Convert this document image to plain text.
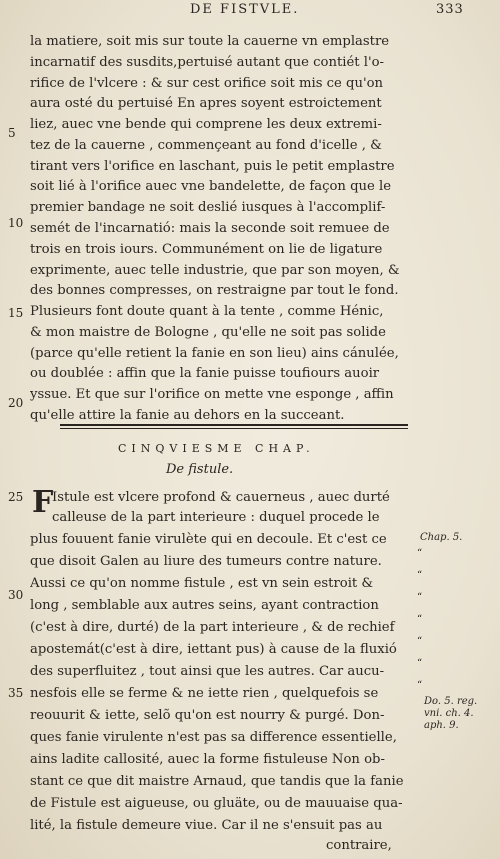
DE FISTVLE.	333
la matiere, soit mis sur toute la cauerne vn emplastre
incarnatif des susdits,pertuisé autant que contiét l'o-
rifice de l'vlcere : & sur cest orifice soit mis ce qu'on
aura osté du pertuisé En apres soyent estroictement
liez, auec vne bende qui comprene les deux extremi-
tez de la cauerne , commençeant au fond d'icelle , &
tirant vers l'orifice en laschant, puis le petit emplastre
soit lié à l'orifice auec vne bandelette, de façon que le
premier bandage ne soit deslié iusques à l'accomplif-
semét de l'incarnatió: mais la seconde soit remuee de
trois en trois iours. Communément on lie de ligature
exprimente, auec telle industrie, que par son moyen, &
des bonnes compresses, on restraigne par tout le fond.
Plusieurs font doute quant à la tente , comme Hénic,
& mon maistre de Bologne , qu'elle ne soit pas solide
(parce qu'elle retient la fanie en son lieu) ains cánulée,
ou doublée : affin que la fanie puisse toufiours auoir
yssue. Et que sur l'orifice on mette vne esponge , affin
qu'elle attire la fanie au dehors en la succeant.
5
10
15
20
CINQVIESME CHAP.
De fistule.
F
Istule est vlcere profond & cauerneus , auec durté
calleuse de la part interieure : duquel procede le
plus fouuent fanie virulète qui en decoule. Et c'est ce
que disoit Galen au liure des tumeurs contre nature.
Aussi ce qu'on nomme fistule , est vn sein estroit &
long , semblable aux autres seins, ayant contraction
(c'est à dire, durté) de la part interieure , & de rechief
apostemát(c'est à dire, iettant pus) à cause de la fluxió
des superfluitez , tout ainsi que les autres. Car aucu-
nesfois elle se ferme & ne iette rien , quelquefois se
reouurit & iette, selõ qu'on est nourry & purgé. Don-
ques fanie virulente n'est pas sa difference essentielle,
ains ladite callosité, auec la forme fistuleuse Non ob-
stant ce que dit maistre Arnaud, que tandis que la fanie
de Fistule est aigueuse, ou gluäte, ou de mauuaise qua-
lité, la fistule demeure viue. Car il ne s'ensuit pas au
contraire,
25
30
35
Chap. 5.
Do. 5. reg. vni. ch. 4. aph. 9.
“
“
“
“
“
“
“
